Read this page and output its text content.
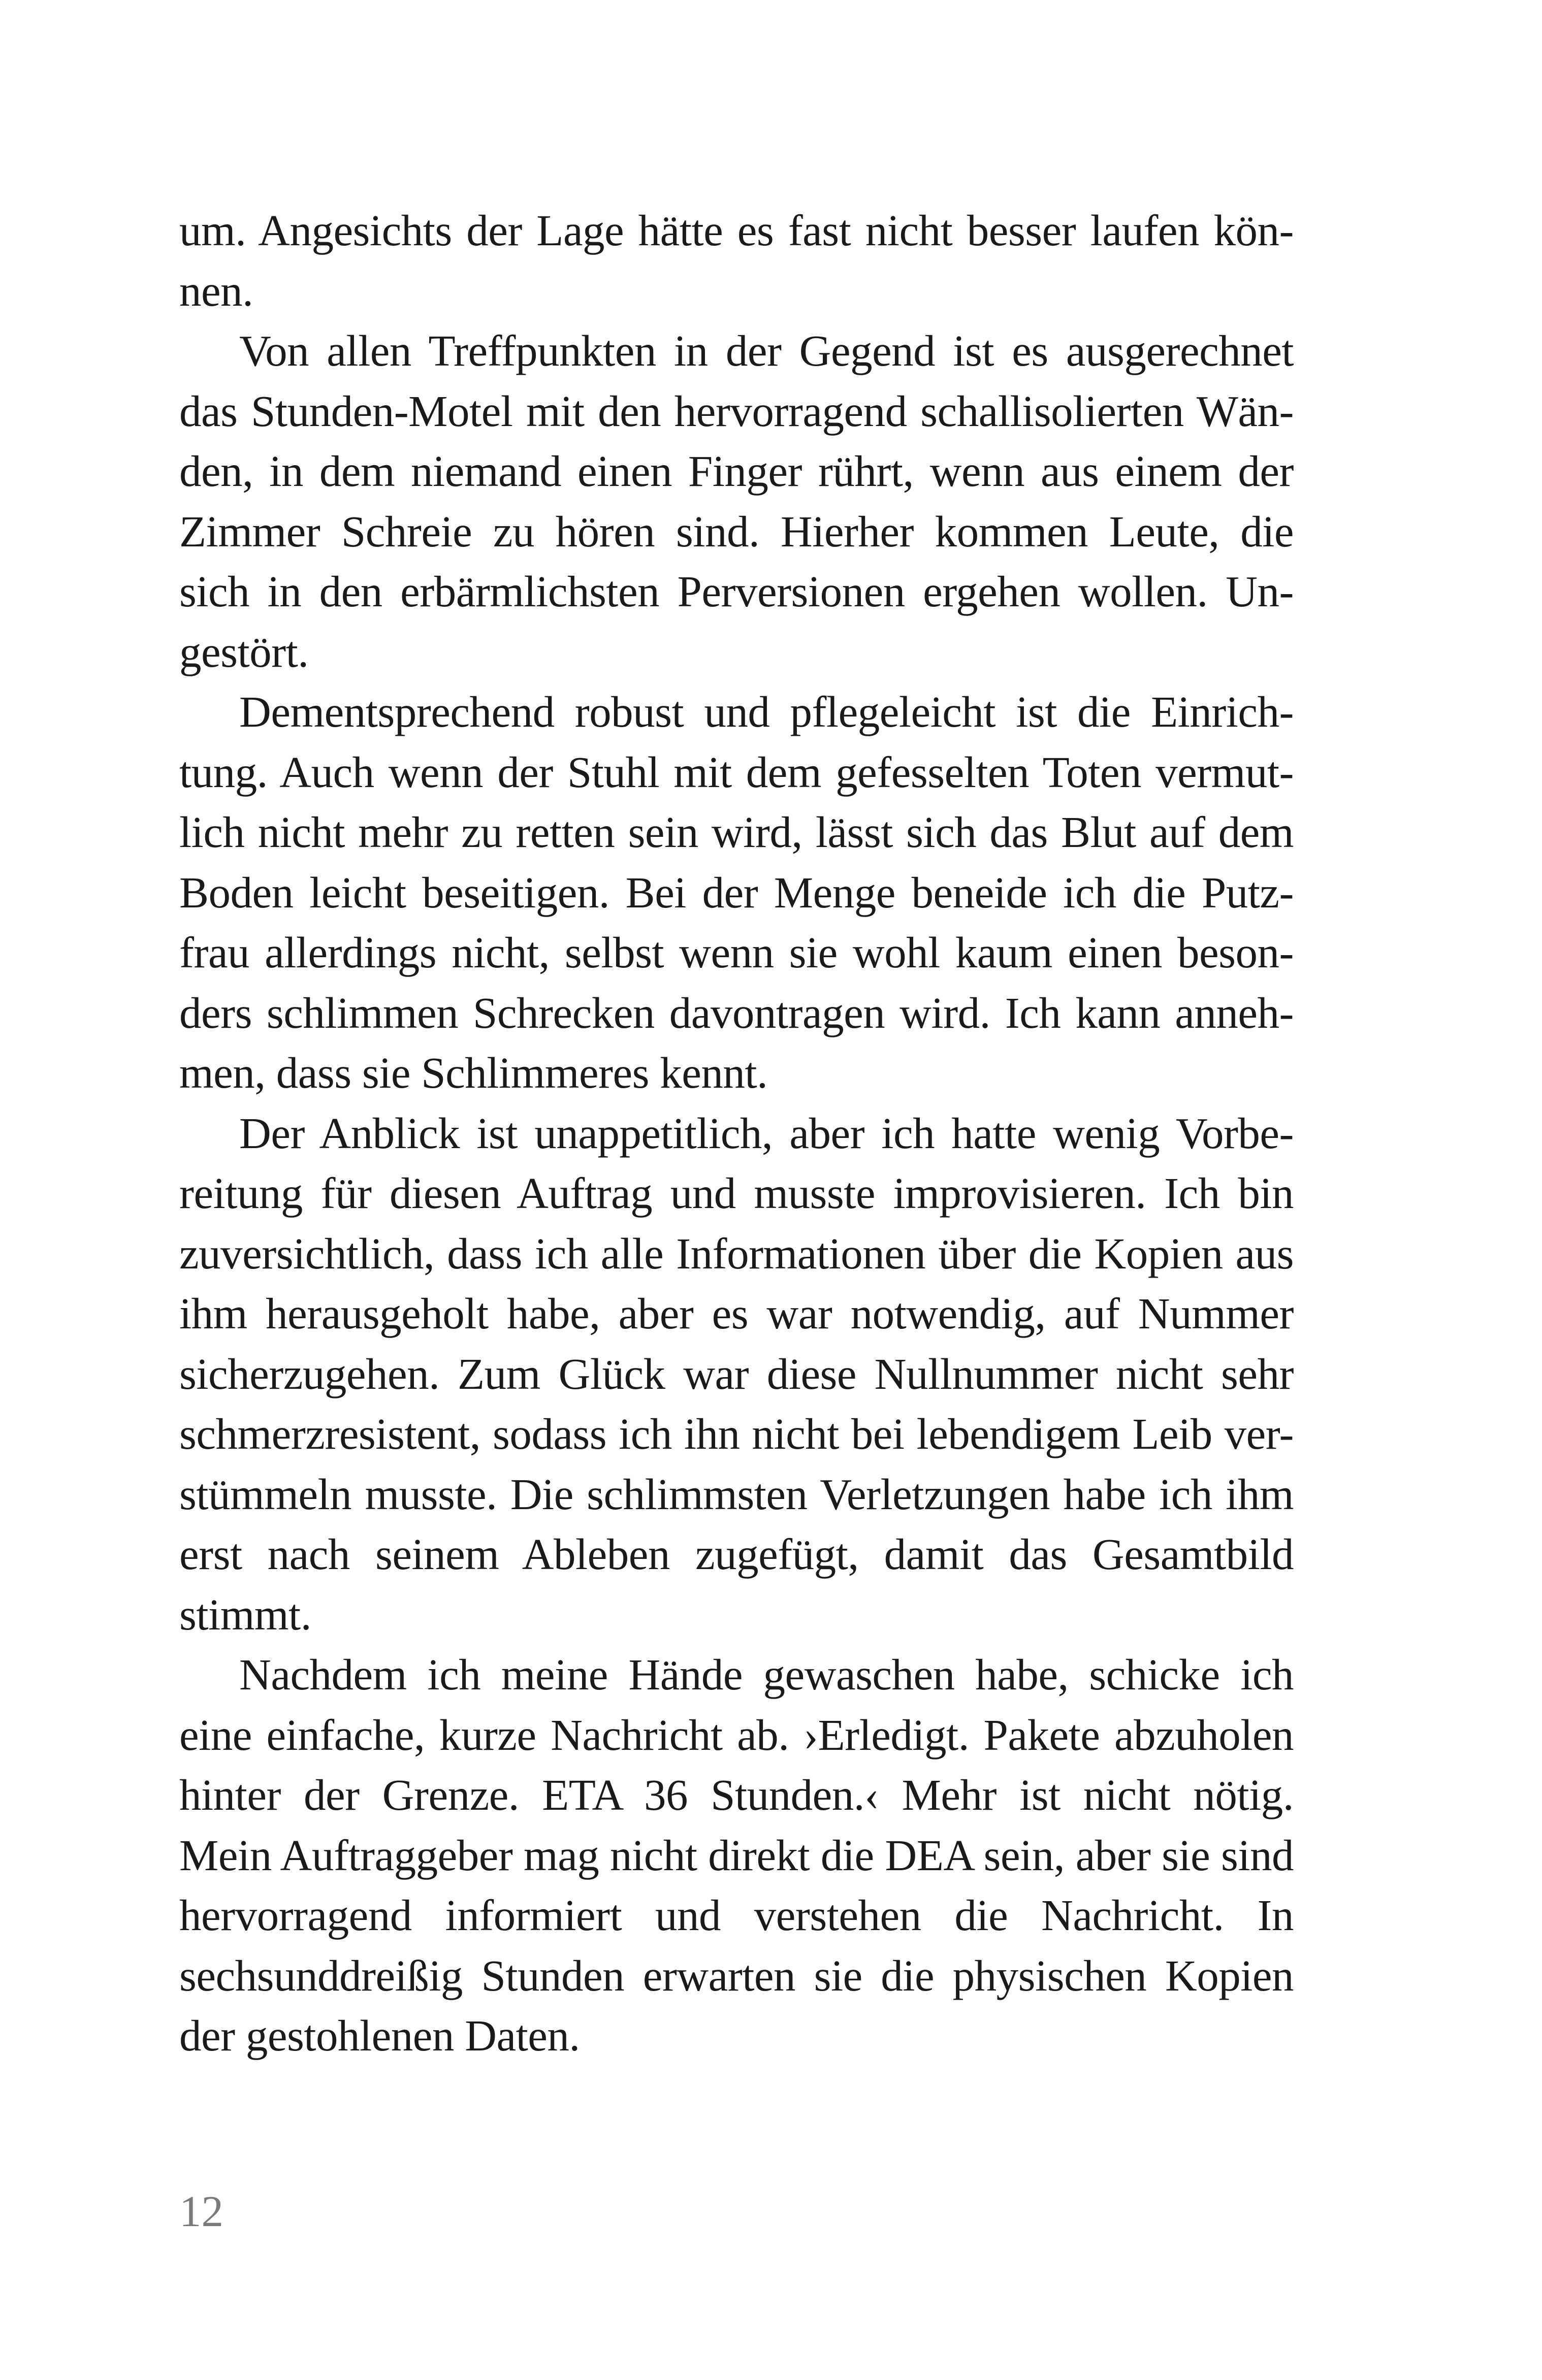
um. Angesichts der Lage hätte es fast nicht besser laufen kön-
nen.
Von allen Treffpunkten in der Gegend ist es ausgerechnet
das Stunden-Motel mit den hervorragend schallisolierten Wän-
den, in dem niemand einen Finger rührt, wenn aus einem der
Zimmer Schreie zu hören sind. Hierher kommen Leute, die
sich in den erbärmlichsten Perversionen ergehen wollen. Un-
gestört.
Dementsprechend robust und pflegeleicht ist die Einrich-
tung. Auch wenn der Stuhl mit dem gefesselten Toten vermut-
lich nicht mehr zu retten sein wird, lässt sich das Blut auf dem
Boden leicht beseitigen. Bei der Menge beneide ich die Putz-
frau allerdings nicht, selbst wenn sie wohl kaum einen beson-
ders schlimmen Schrecken davontragen wird. Ich kann anneh-
men, dass sie Schlimmeres kennt.
Der Anblick ist unappetitlich, aber ich hatte wenig Vorbe-
reitung für diesen Auftrag und musste improvisieren. Ich bin
zuversichtlich, dass ich alle Informationen über die Kopien aus
ihm herausgeholt habe, aber es war notwendig, auf Nummer
sicherzugehen. Zum Glück war diese Nullnummer nicht sehr
schmerzresistent, sodass ich ihn nicht bei lebendigem Leib ver-
stümmeln musste. Die schlimmsten Verletzungen habe ich ihm
erst nach seinem Ableben zugefügt, damit das Gesamtbild
stimmt.
Nachdem ich meine Hände gewaschen habe, schicke ich
eine einfache, kurze Nachricht ab. ›Erledigt. Pakete abzuholen
hinter der Grenze. ETA 36 Stunden.‹ Mehr ist nicht nötig.
Mein Auftraggeber mag nicht direkt die DEA sein, aber sie sind
hervorragend informiert und verstehen die Nachricht. In
sechsunddreißig Stunden erwarten sie die physischen Kopien
der gestohlenen Daten.
12
